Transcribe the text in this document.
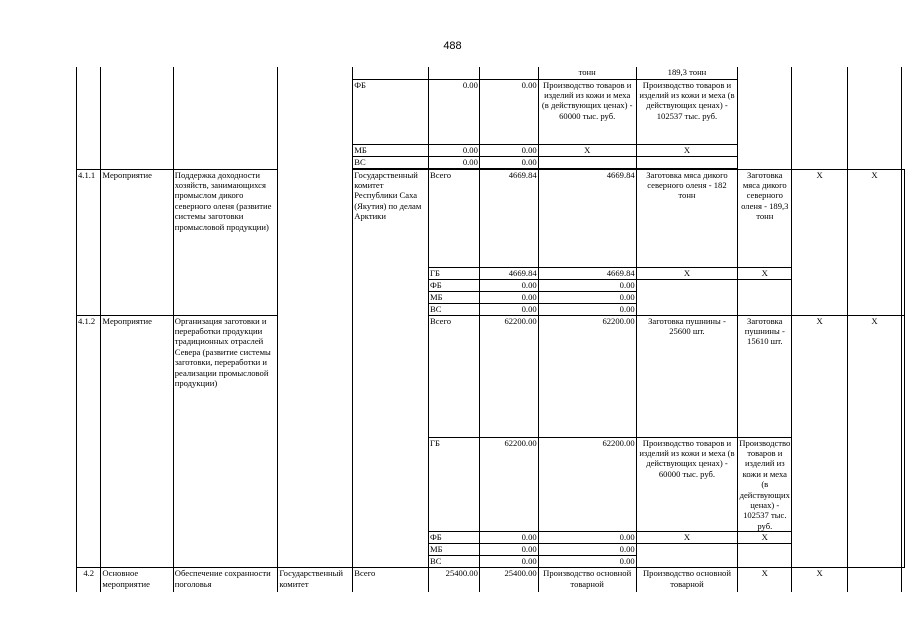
488
							тонн	189,3 тонн				
				ФБ	0.00	0.00	Производство товаров и изделий из кожи и меха (в действующих ценах) - 60000 тыс. руб.	Производство товаров и изделий из кожи и меха (в действующих ценах) - 102537 тыс. руб.				
				МБ	0.00	0.00	X	X				
				ВС	0.00	0.00						

4.1.1	Мероприятие	Поддержка доходности хозяйств, занимающихся промыслом дикого северного оленя (развитие системы заготовки промысловой продукции)		Государственный комитет Республики Саха (Якутия) по делам Арктики	Всего	4669.84	4669.84	Заготовка мяса дикого северного оленя - 182 тонн	Заготовка мяса дикого северного оленя - 189,3 тонн	X	X	
					ГБ	4669.84	4669.84	X	X			
					ФБ	0.00	0.00					
					МБ	0.00	0.00					
					ВС	0.00	0.00					
4.1.2	Мероприятие	Организация заготовки и переработки продукции традиционных отраслей Севера (развитие системы заготовки, переработки и реализации промысловой продукции)			Всего	62200.00	62200.00	Заготовка пушнины - 25600 шт.	Заготовка пушнины - 15610 шт.	X	X	
					ГБ	62200.00	62200.00	Производство товаров и изделий из кожи и меха (в действующих ценах) - 60000 тыс. руб.	Производство товаров и изделий из кожи и меха (в действующих ценах) - 102537 тыс. руб.			
					ФБ	0.00	0.00	X	X			
					МБ	0.00	0.00					
					ВС	0.00	0.00					
4.2	Основное мероприятие	Обеспечение сохранности поголовья	Государственный комитет	Всего	25400.00	25400.00	Производство основной товарной	Производство основной товарной	X	X		
